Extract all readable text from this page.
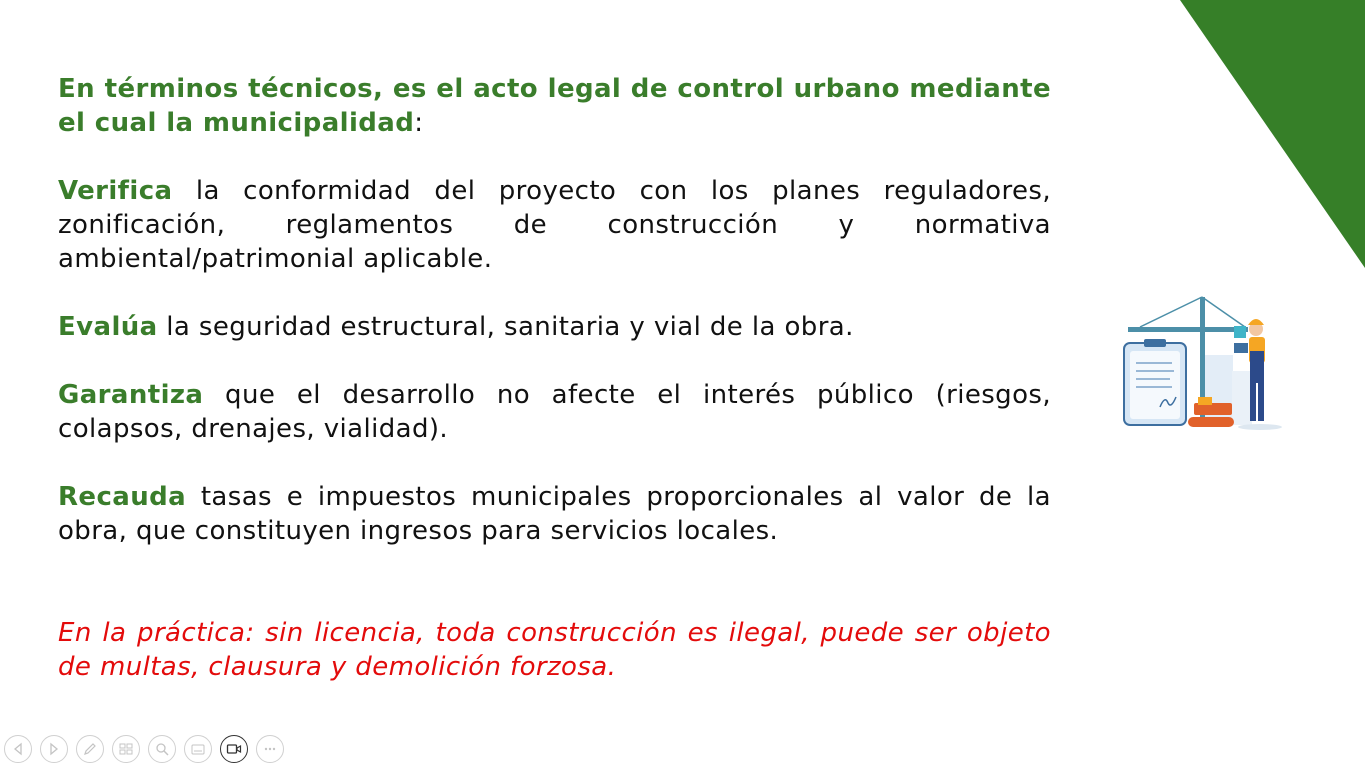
En términos técnicos, es el acto legal de control urbano mediante el cual la municipalidad:

Verifica la conformidad del proyecto con los planes reguladores, zonificación, reglamentos de construcción y normativa ambiental/patrimonial aplicable.

Evalúa la seguridad estructural, sanitaria y vial de la obra.

Garantiza que el desarrollo no afecte el interés público (riesgos, colapsos, drenajes, vialidad).

Recauda tasas e impuestos municipales proporcionales al valor de la obra, que constituyen ingresos para servicios locales.

En la práctica: sin licencia, toda construcción es ilegal, puede ser objeto de multas, clausura y demolición forzosa.
